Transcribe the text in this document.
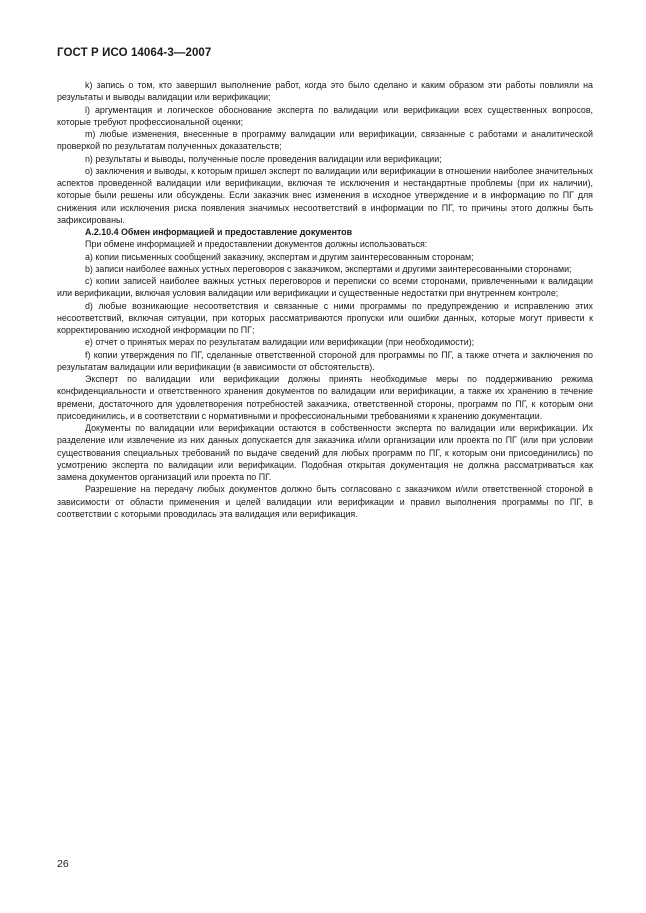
ГОСТ Р ИСО 14064-3—2007

k) запись о том, кто завершил выполнение работ, когда это было сделано и каким образом эти работы повлияли на результаты и выводы валидации или верификации;

l) аргументация и логическое обоснование эксперта по валидации или верификации всех существенных вопросов, которые требуют профессиональной оценки;

m) любые изменения, внесенные в программу валидации или верификации, связанные с работами и аналитической проверкой по результатам полученных доказательств;

n) результаты и выводы, полученные после проведения валидации или верификации;

o) заключения и выводы, к которым пришел эксперт по валидации или верификации в отношении наиболее значительных аспектов проведенной валидации или верификации, включая те исключения и нестандартные проблемы (при их наличии), которые были решены или обсуждены. Если заказчик внес изменения в исходное утверждение и в информацию по ПГ для снижения или исключения риска появления значимых несоответствий в информации по ПГ, то причины этого должны быть зафиксированы.

A.2.10.4 Обмен информацией и предоставление документов

При обмене информацией и предоставлении документов должны использоваться:

a) копии письменных сообщений заказчику, экспертам и другим заинтересованным сторонам;

b) записи наиболее важных устных переговоров с заказчиком, экспертами и другими заинтересованными сторонами;

c) копии записей наиболее важных устных переговоров и переписки со всеми сторонами, привлеченными к валидации или верификации, включая условия валидации или верификации и существенные недостатки при внутреннем контроле;

d) любые возникающие несоответствия и связанные с ними программы по предупреждению и исправлению этих несоответствий, включая ситуации, при которых рассматриваются пропуски или ошибки данных, которые могут привести к корректированию исходной информации по ПГ;

e) отчет о принятых мерах по результатам валидации или верификации (при необходимости);

f) копии утверждения по ПГ, сделанные ответственной стороной для программы по ПГ, а также отчета и заключения по результатам валидации или верификации (в зависимости от обстоятельств).

Эксперт по валидации или верификации должны принять необходимые меры по поддерживанию режима конфиденциальности и ответственного хранения документов по валидации или верификации, а также их хранению в течение времени, достаточного для удовлетворения потребностей заказчика, ответственной стороны, программ по ПГ, к которым они присоединились, и в соответствии с нормативными и профессиональными требованиями к хранению документации.

Документы по валидации или верификации остаются в собственности эксперта по валидации или верификации. Их разделение или извлечение из них данных допускается для заказчика и/или организации или проекта по ПГ (или при условии существования специальных требований по выдаче сведений для любых программ по ПГ, к которым они присоединились) по усмотрению эксперта по валидации или верификации. Подобная открытая документация не должна рассматриваться как замена документов организаций или проекта по ПГ.

Разрешение на передачу любых документов должно быть согласовано с заказчиком и/или ответственной стороной в зависимости от области применения и целей валидации или верификации и правил выполнения программы по ПГ, в соответствии с которыми проводилась эта валидация или верификация.

26
